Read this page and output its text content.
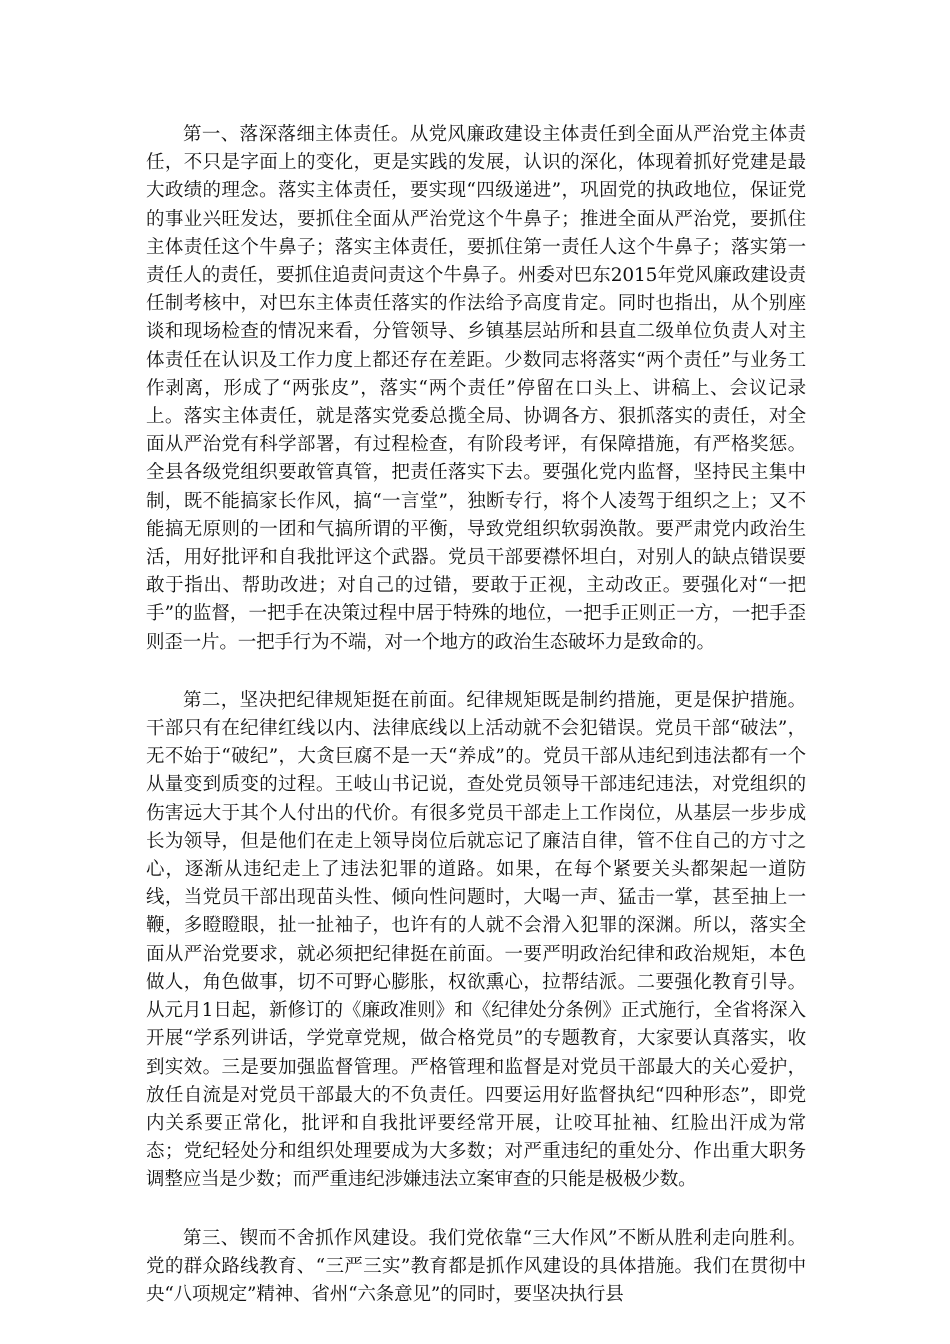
第一、落深落细主体责任。从党风廉政建设主体责任到全面从严治党主体责任，不只是字面上的变化，更是实践的发展，认识的深化，体现着抓好党建是最大政绩的理念。落实主体责任，要实现“四级递进”，巩固党的执政地位，保证党的事业兴旺发达，要抓住全面从严治党这个牛鼻子；推进全面从严治党，要抓住主体责任这个牛鼻子；落实主体责任，要抓住第一责任人这个牛鼻子；落实第一责任人的责任，要抓住追责问责这个牛鼻子。州委对巴东2015年党风廉政建设责任制考核中，对巴东主体责任落实的作法给予高度肯定。同时也指出，从个别座谈和现场检查的情况来看，分管领导、乡镇基层站所和县直二级单位负责人对主体责任在认识及工作力度上都还存在差距。少数同志将落实“两个责任”与业务工作剥离，形成了“两张皮”，落实“两个责任”停留在口头上、讲稿上、会议记录上。落实主体责任，就是落实党委总揽全局、协调各方、狠抓落实的责任，对全面从严治党有科学部署，有过程检查，有阶段考评，有保障措施，有严格奖惩。全县各级党组织要敢管真管，把责任落实下去。要强化党内监督，坚持民主集中制，既不能搞家长作风，搞“一言堂”，独断专行，将个人凌驾于组织之上；又不能搞无原则的一团和气搞所谓的平衡，导致党组织软弱涣散。要严肃党内政治生活，用好批评和自我批评这个武器。党员干部要襟怀坦白，对别人的缺点错误要敢于指出、帮助改进；对自己的过错，要敢于正视，主动改正。要强化对“一把手”的监督，一把手在决策过程中居于特殊的地位，一把手正则正一方，一把手歪则歪一片。一把手行为不端，对一个地方的政治生态破坏力是致命的。

第二，坚决把纪律规矩挺在前面。纪律规矩既是制约措施，更是保护措施。干部只有在纪律红线以内、法律底线以上活动就不会犯错误。党员干部“破法”，无不始于“破纪”，大贪巨腐不是一天“养成”的。党员干部从违纪到违法都有一个从量变到质变的过程。王岐山书记说，查处党员领导干部违纪违法，对党组织的伤害远大于其个人付出的代价。有很多党员干部走上工作岗位，从基层一步步成长为领导，但是他们在走上领导岗位后就忘记了廉洁自律，管不住自己的方寸之心，逐渐从违纪走上了违法犯罪的道路。如果，在每个紧要关头都架起一道防线，当党员干部出现苗头性、倾向性问题时，大喝一声、猛击一掌，甚至抽上一鞭，多瞪瞪眼，扯一扯袖子，也许有的人就不会滑入犯罪的深渊。所以，落实全面从严治党要求，就必须把纪律挺在前面。一要严明政治纪律和政治规矩，本色做人，角色做事，切不可野心膨胀，权欲熏心，拉帮结派。二要强化教育引导。从元月1日起，新修订的《廉政准则》和《纪律处分条例》正式施行，全省将深入开展“学系列讲话，学党章党规，做合格党员”的专题教育，大家要认真落实，收到实效。三是要加强监督管理。严格管理和监督是对党员干部最大的关心爱护，放任自流是对党员干部最大的不负责任。四要运用好监督执纪“四种形态”，即党内关系要正常化，批评和自我批评要经常开展，让咬耳扯袖、红脸出汗成为常态；党纪轻处分和组织处理要成为大多数；对严重违纪的重处分、作出重大职务调整应当是少数；而严重违纪涉嫌违法立案审查的只能是极极少数。

第三、锲而不舍抓作风建设。我们党依靠“三大作风”不断从胜利走向胜利。党的群众路线教育、“三严三实”教育都是抓作风建设的具体措施。我们在贯彻中央“八项规定”精神、省州“六条意见”的同时，要坚决执行县
